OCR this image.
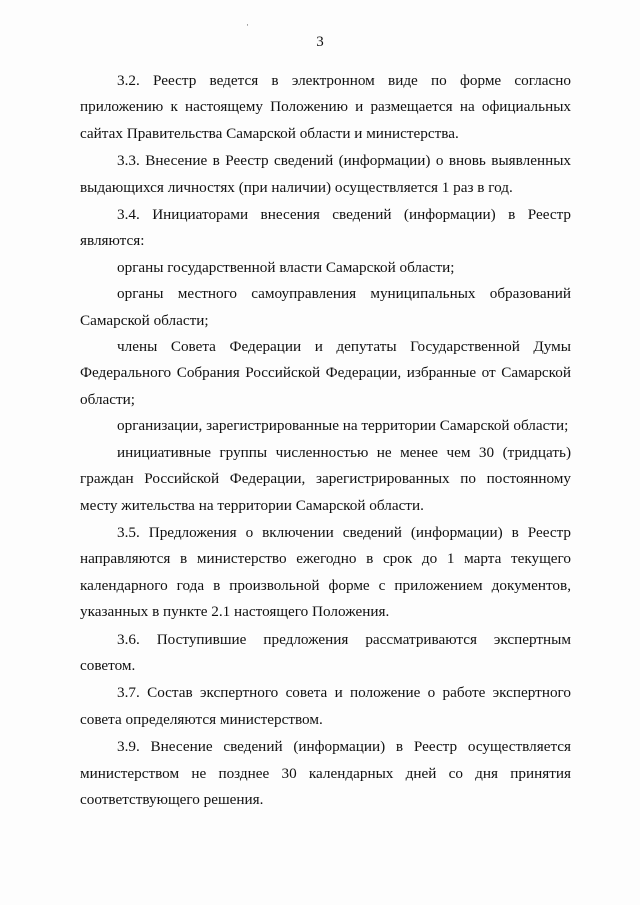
·
3

3.2. Реестр ведется в электронном виде по форме согласно приложению к настоящему Положению и размещается на официальных сайтах Правительства Самарской области и министерства.

3.3. Внесение в Реестр сведений (информации) о вновь выявленных выдающихся личностях (при наличии) осуществляется 1 раз в год.

3.4. Инициаторами внесения сведений (информации) в Реестр являются:

органы государственной власти Самарской области;

органы местного самоуправления муниципальных образований Самарской области;

члены Совета Федерации и депутаты Государственной Думы Федерального Собрания Российской Федерации, избранные от Самарской области;

организации, зарегистрированные на территории Самарской области;

инициативные группы численностью не менее чем 30 (тридцать) граждан Российской Федерации, зарегистрированных по постоянному месту жительства на территории Самарской области.

3.5. Предложения о включении сведений (информации) в Реестр направляются в министерство ежегодно в срок до 1 марта текущего календарного года в произвольной форме с приложением документов, указанных в пункте 2.1 настоящего Положения.

3.6. Поступившие предложения рассматриваются экспертным советом.

3.7. Состав экспертного совета и положение о работе экспертного совета определяются министерством.

3.9. Внесение сведений (информации) в Реестр осуществляется министерством не позднее 30 календарных дней со дня принятия соответствующего решения.
